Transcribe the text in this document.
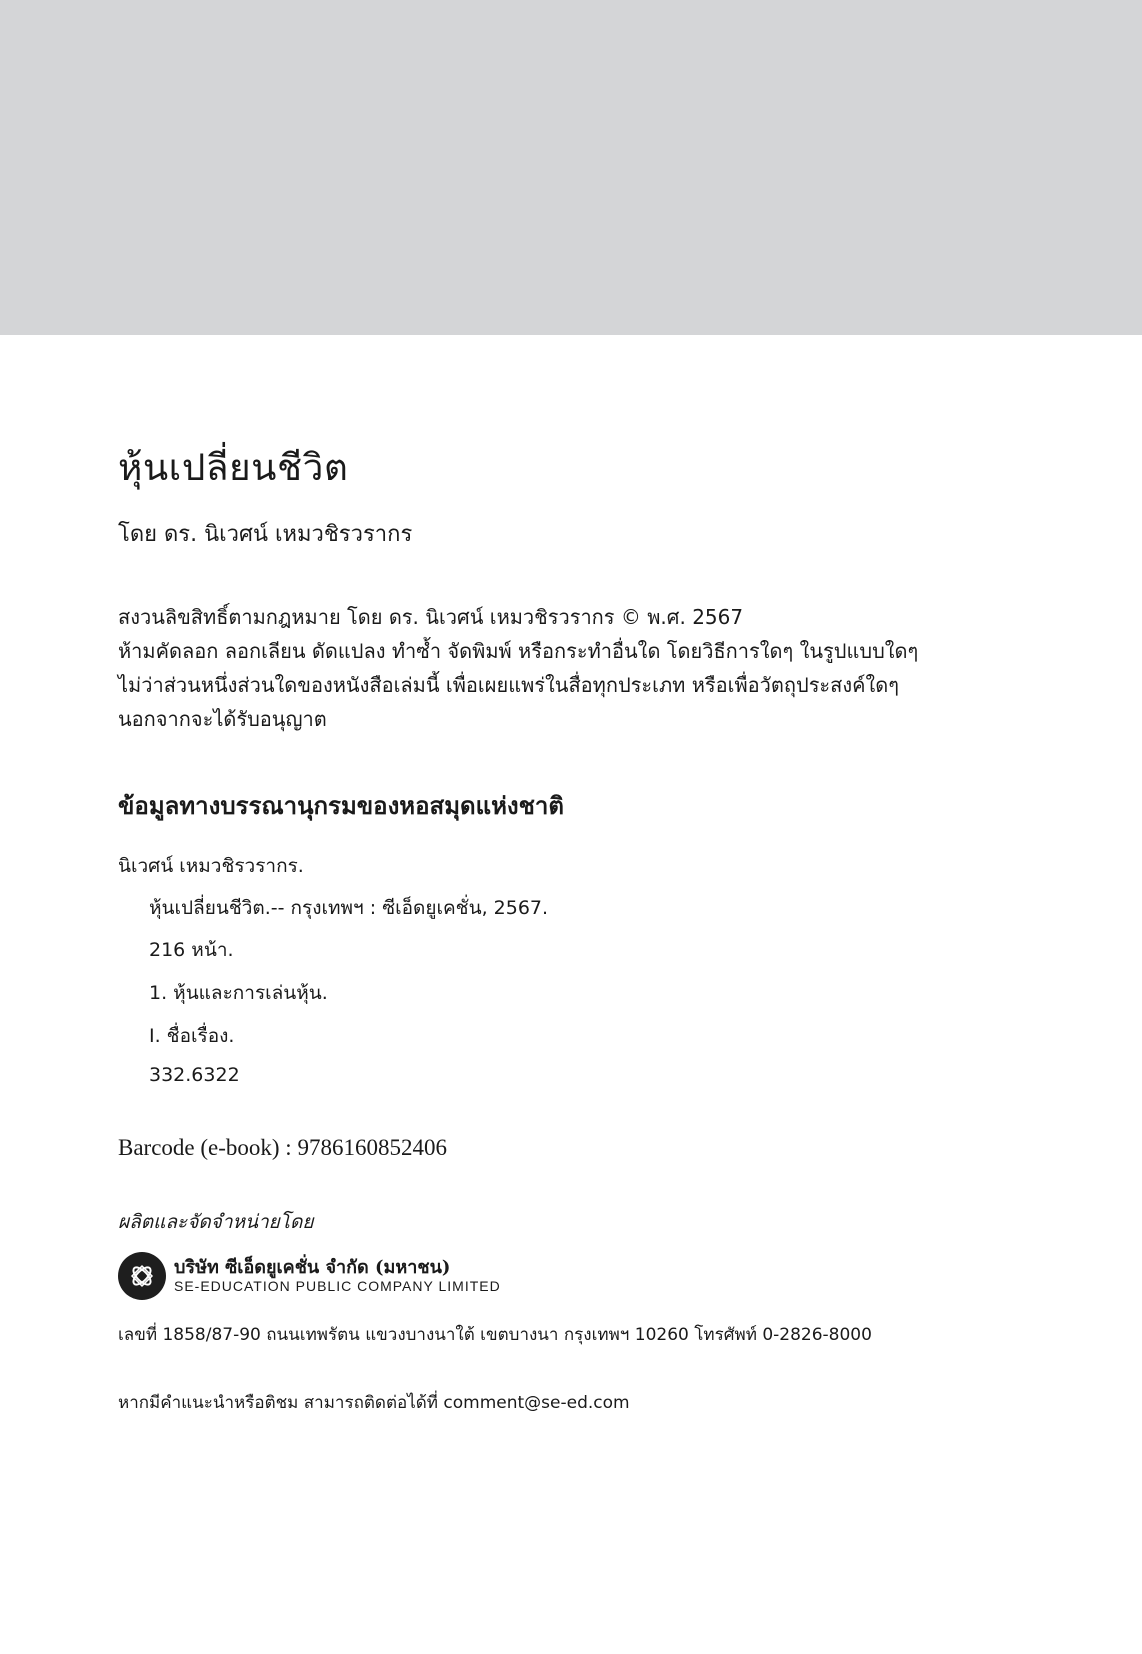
หุ้นเปลี่ยนชีวิต
โดย ดร. นิเวศน์ เหมวชิรวรากร
สงวนลิขสิทธิ์ตามกฎหมาย โดย ดร. นิเวศน์ เหมวชิรวรากร © พ.ศ. 2567
ห้ามคัดลอก ลอกเลียน ดัดแปลง ทำซ้ำ จัดพิมพ์ หรือกระทำอื่นใด โดยวิธีการใดๆ ในรูปแบบใดๆ
ไม่ว่าส่วนหนึ่งส่วนใดของหนังสือเล่มนี้ เพื่อเผยแพร่ในสื่อทุกประเภท หรือเพื่อวัตถุประสงค์ใดๆ
นอกจากจะได้รับอนุญาต
ข้อมูลทางบรรณานุกรมของหอสมุดแห่งชาติ
นิเวศน์ เหมวชิรวรากร.
หุ้นเปลี่ยนชีวิต.-- กรุงเทพฯ : ซีเอ็ดยูเคชั่น, 2567.
216 หน้า.
1. หุ้นและการเล่นหุ้น.
I. ชื่อเรื่อง.
332.6322
Barcode (e-book) : 9786160852406
ผลิตและจัดจำหน่ายโดย
บริษัท ซีเอ็ดยูเคชั่น จำกัด (มหาชน)
SE-EDUCATION PUBLIC COMPANY LIMITED
เลขที่ 1858/87-90 ถนนเทพรัตน แขวงบางนาใต้ เขตบางนา กรุงเทพฯ 10260 โทรศัพท์ 0-2826-8000
หากมีคำแนะนำหรือติชม สามารถติดต่อได้ที่ comment@se-ed.com
